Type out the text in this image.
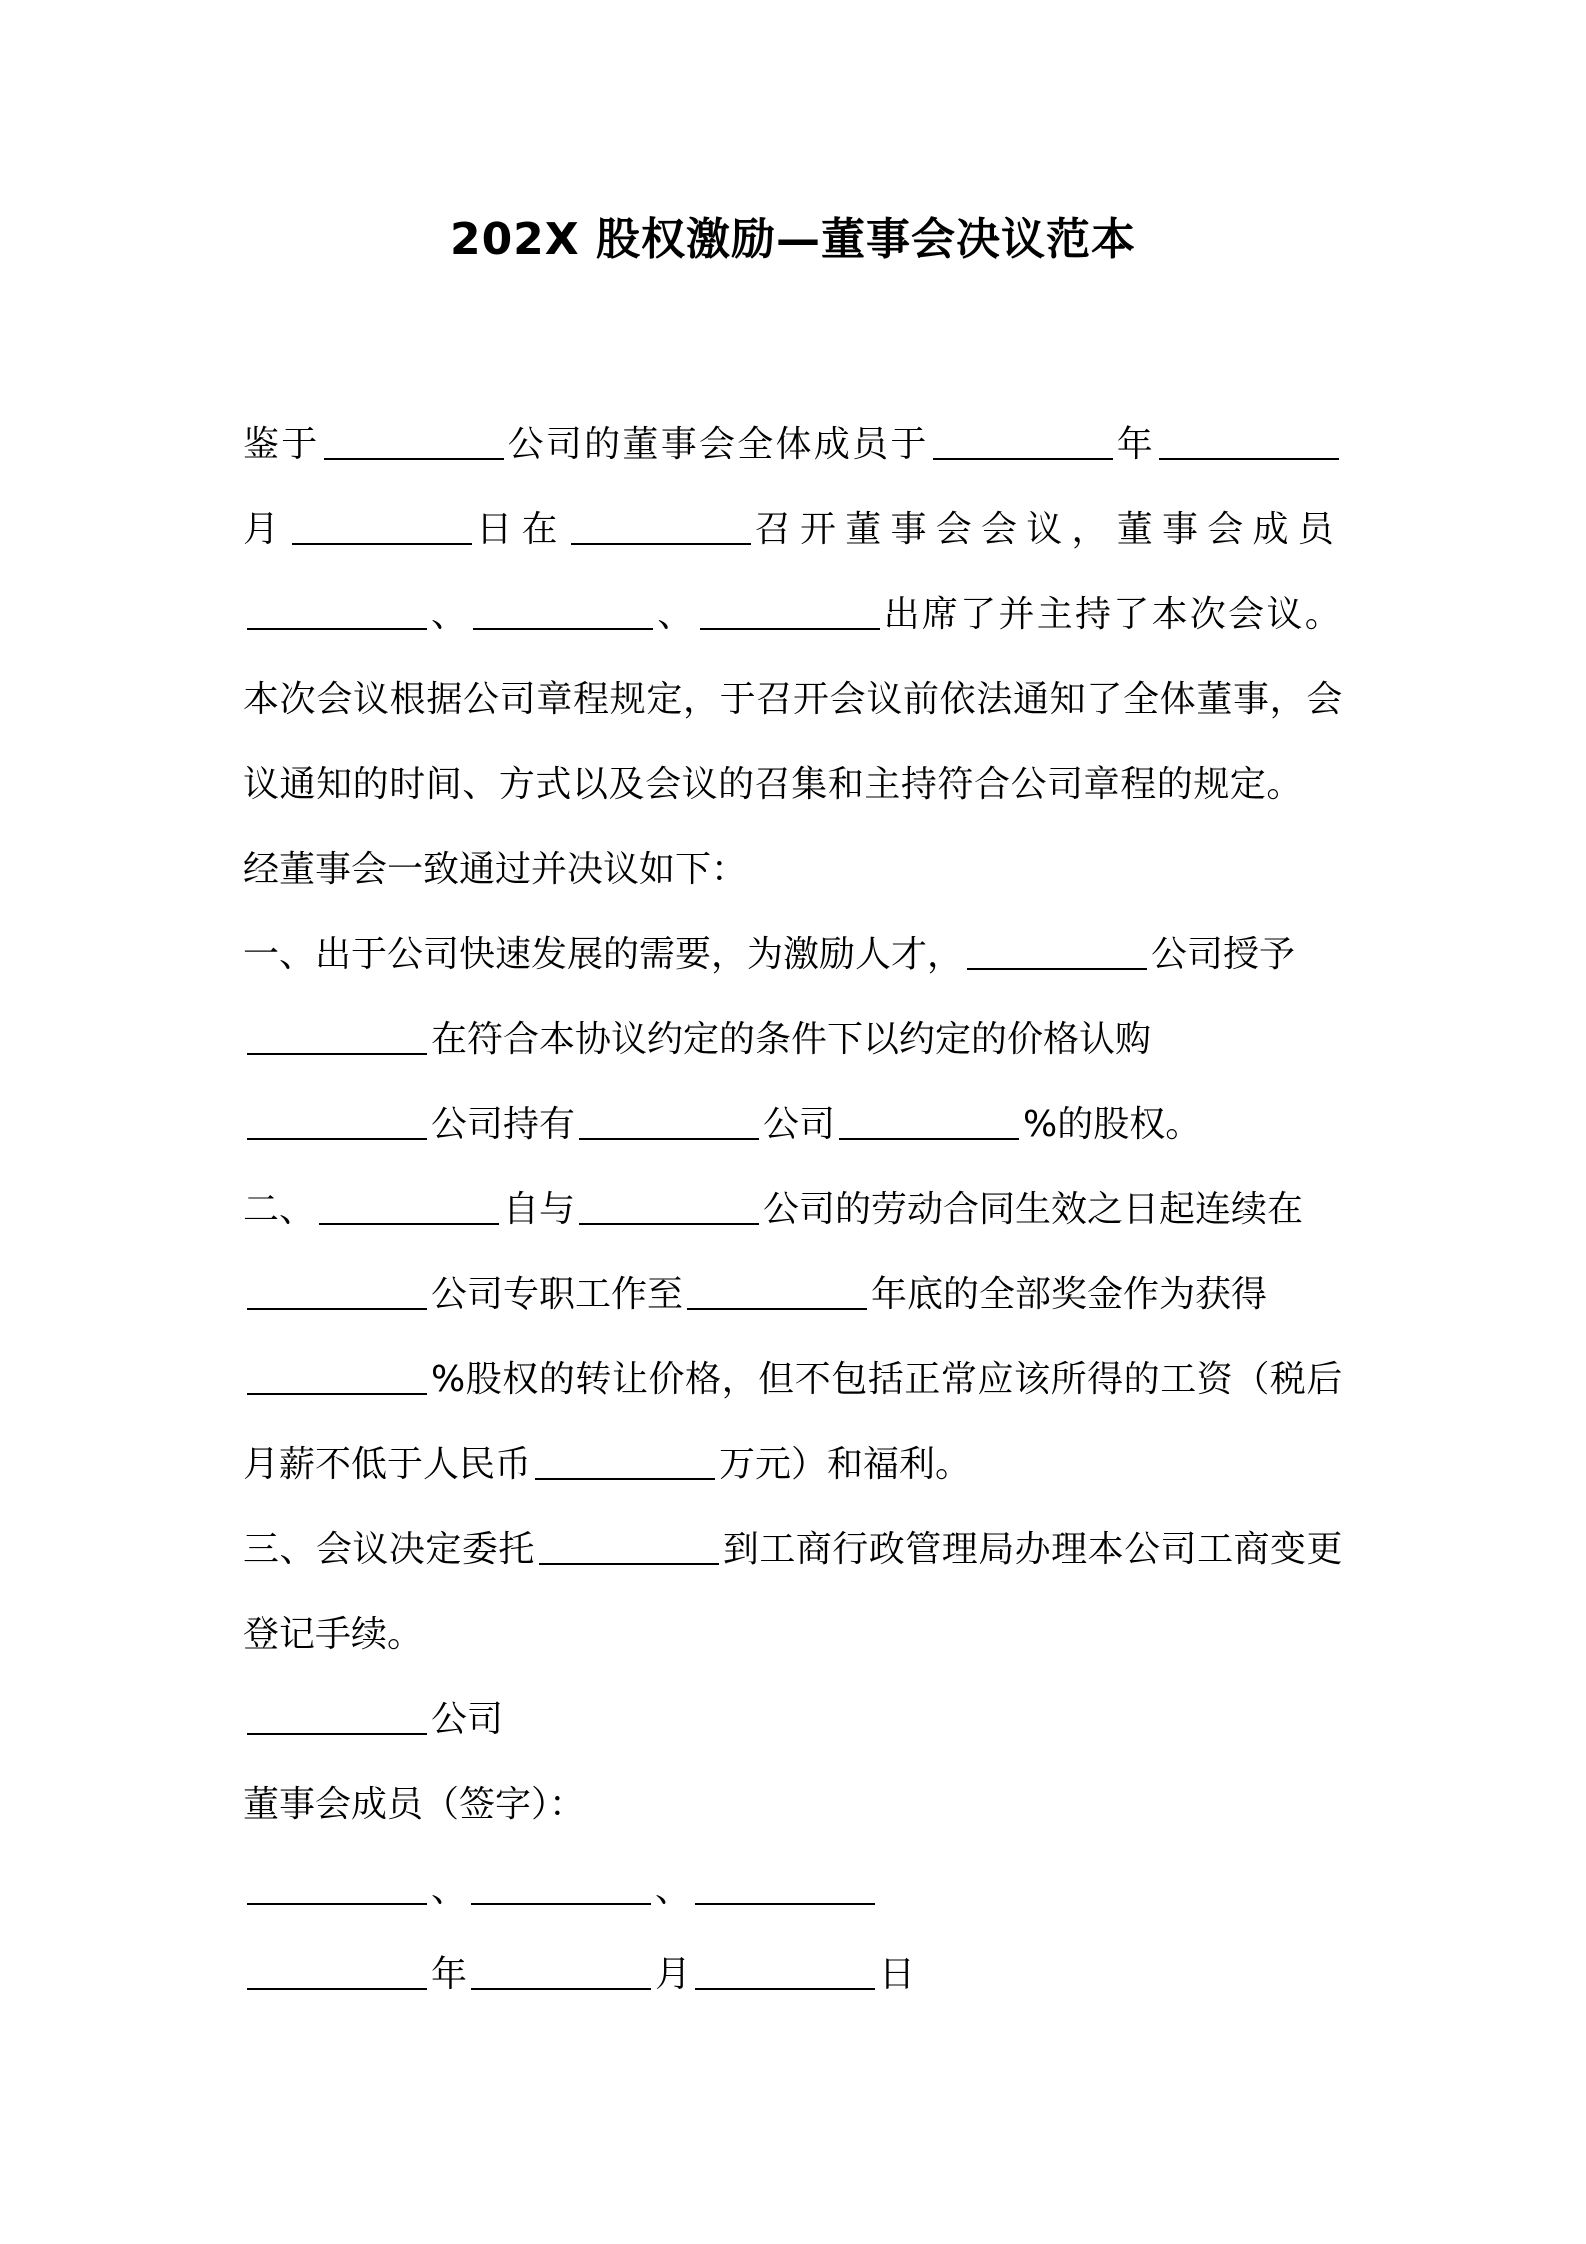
202X 股权激励—董事会决议范本
鉴于	公司的董事会全体成员于	年
月	日在	召开董事会会议，董事会成员
、	、	出席了并主持了本次会议。
本次会议根据公司章程规定，于召开会议前依法通知了全体董事，会
议通知的时间、方式以及会议的召集和主持符合公司章程的规定。
经董事会一致通过并决议如下：
一、出于公司快速发展的需要，为激励人才，	公司授予
在符合本协议约定的条件下以约定的价格认购
公司持有	公司	%的股权。
二、	自与	公司的劳动合同生效之日起连续在
公司专职工作至	年底的全部奖金作为获得
%股权的转让价格，但不包括正常应该所得的工资（税后
月薪不低于人民币	万元）和福利。
三、会议决定委托	到工商行政管理局办理本公司工商变更
登记手续。
公司
董事会成员（签字）：
、	、
年	月	日
